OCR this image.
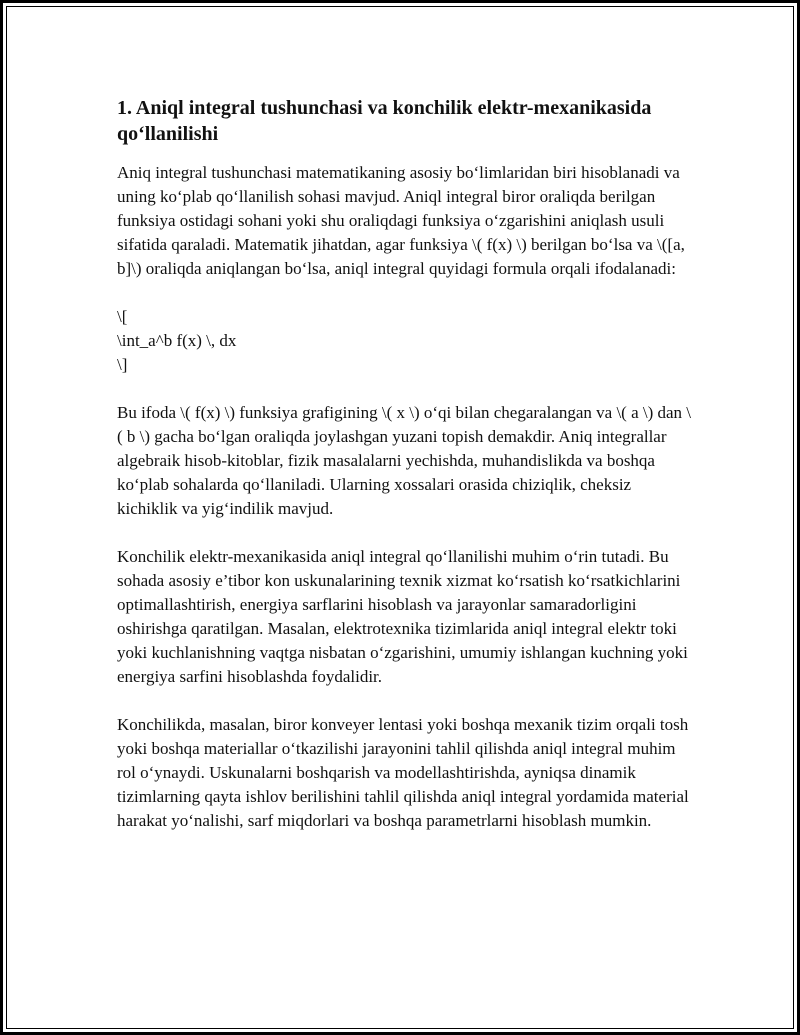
1. Aniql integral tushunchasi va konchilik elektr-mexanikasida qo‘llanilishi

Aniq integral tushunchasi matematikaning asosiy bo‘limlaridan biri hisoblanadi va uning ko‘plab qo‘llanilish sohasi mavjud. Aniql integral biror oraliqda berilgan funksiya ostidagi sohani yoki shu oraliqdagi funksiya o‘zgarishini aniqlash usuli sifatida qaraladi. Matematik jihatdan, agar funksiya \( f(x) \) berilgan bo‘lsa va \([a, b]\) oraliqda aniqlangan bo‘lsa, aniql integral quyidagi formula orqali ifodalanadi:

\[
\int_a^b f(x) \, dx
\]

Bu ifoda \( f(x) \) funksiya grafigining \( x \) o‘qi bilan chegaralangan va \( a \) dan \( b \) gacha bo‘lgan oraliqda joylashgan yuzani topish demakdir. Aniq integrallar algebraik hisob-kitoblar, fizik masalalarni yechishda, muhandislikda va boshqa ko‘plab sohalarda qo‘llaniladi. Ularning xossalari orasida chiziqlik, cheksiz kichiklik va yig‘indilik mavjud.

Konchilik elektr-mexanikasida aniql integral qo‘llanilishi muhim o‘rin tutadi. Bu sohada asosiy e’tibor kon uskunalarining texnik xizmat ko‘rsatish ko‘rsatkichlarini optimallashtirish, energiya sarflarini hisoblash va jarayonlar samaradorligini oshirishga qaratilgan. Masalan, elektrotexnika tizimlarida aniql integral elektr toki yoki kuchlanishning vaqtga nisbatan o‘zgarishini, umumiy ishlangan kuchning yoki energiya sarfini hisoblashda foydalidir.

Konchilikda, masalan, biror konveyer lentasi yoki boshqa mexanik tizim orqali tosh yoki boshqa materiallar o‘tkazilishi jarayonini tahlil qilishda aniql integral muhim rol o‘ynaydi. Uskunalarni boshqarish va modellashtirishda, ayniqsa dinamik tizimlarning qayta ishlov berilishini tahlil qilishda aniql integral yordamida material harakat yo‘nalishi, sarf miqdorlari va boshqa parametrlarni hisoblash mumkin.
